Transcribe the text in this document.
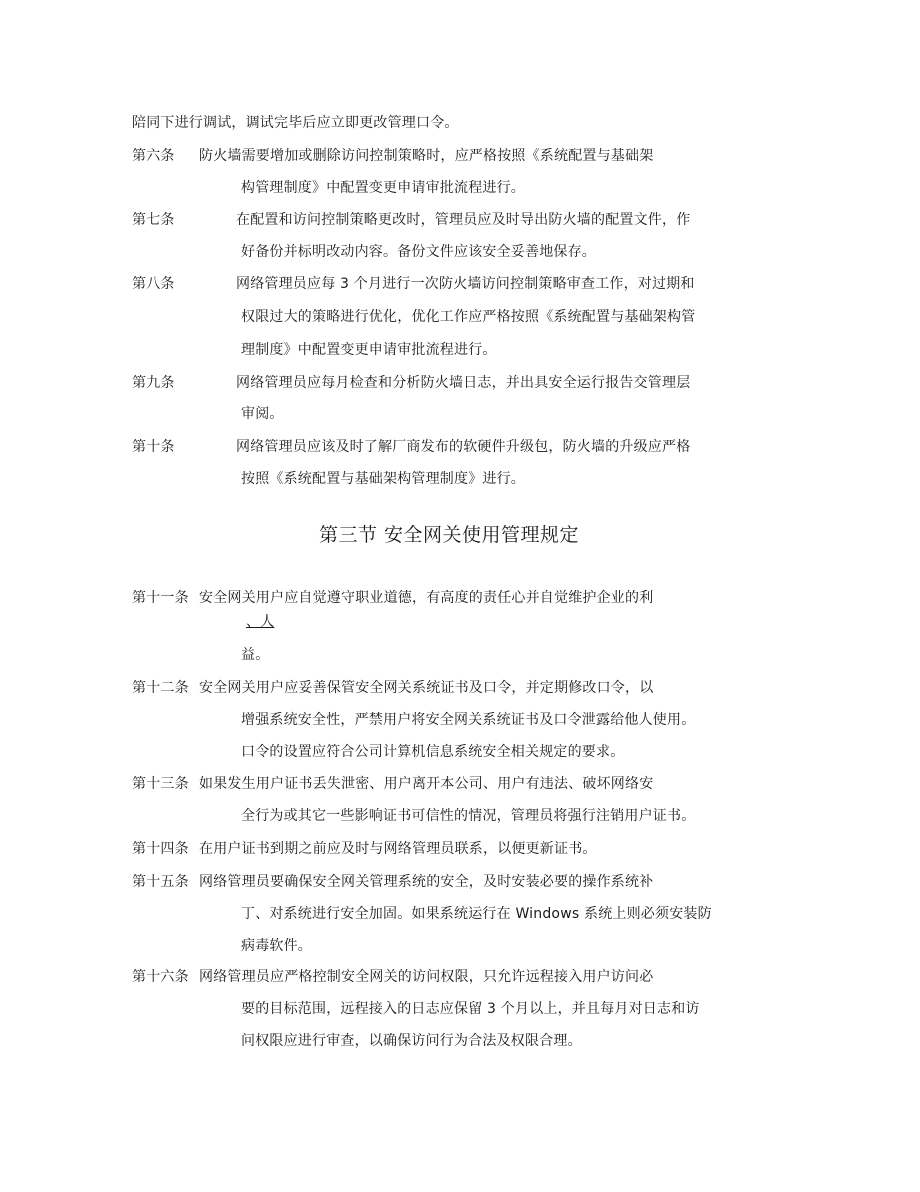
陪同下进行调试，调试完毕后应立即更改管理口令。
第六条 防火墙需要增加或删除访问控制策略时，应严格按照《系统配置与基础架
构管理制度》中配置变更申请审批流程进行。
第七条	在配置和访问控制策略更改时，管理员应及时导出防火墙的配置文件，作
好备份并标明改动内容。备份文件应该安全妥善地保存。
第八条	网络管理员应每 3 个月进行一次防火墙访问控制策略审查工作，对过期和
权限过大的策略进行优化，优化工作应严格按照《系统配置与基础架构管
理制度》中配置变更申请审批流程进行。
第九条	网络管理员应每月检查和分析防火墙日志，并出具安全运行报告交管理层
审阅。
第十条	网络管理员应该及时了解厂商发布的软硬件升级包，防火墙的升级应严格
按照《系统配置与基础架构管理制度》进行。
第三节 安全网关使用管理规定
第十一条 安全网关用户应自觉遵守职业道德，有高度的责任心并自觉维护企业的利
、人
益。
第十二条 安全网关用户应妥善保管安全网关系统证书及口令，并定期修改口令，以
增强系统安全性，严禁用户将安全网关系统证书及口令泄露给他人使用。
口令的设置应符合公司计算机信息系统安全相关规定的要求。
第十三条 如果发生用户证书丢失泄密、用户离开本公司、用户有违法、破坏网络安
全行为或其它一些影响证书可信性的情况，管理员将强行注销用户证书。
第十四条 在用户证书到期之前应及时与网络管理员联系，以便更新证书。
第十五条 网络管理员要确保安全网关管理系统的安全，及时安装必要的操作系统补
丁、对系统进行安全加固。如果系统运行在 Windows 系统上则必须安装防
病毒软件。
第十六条 网络管理员应严格控制安全网关的访问权限，只允许远程接入用户访问必
要的目标范围，远程接入的日志应保留 3 个月以上，并且每月对日志和访
问权限应进行审查，以确保访问行为合法及权限合理。
